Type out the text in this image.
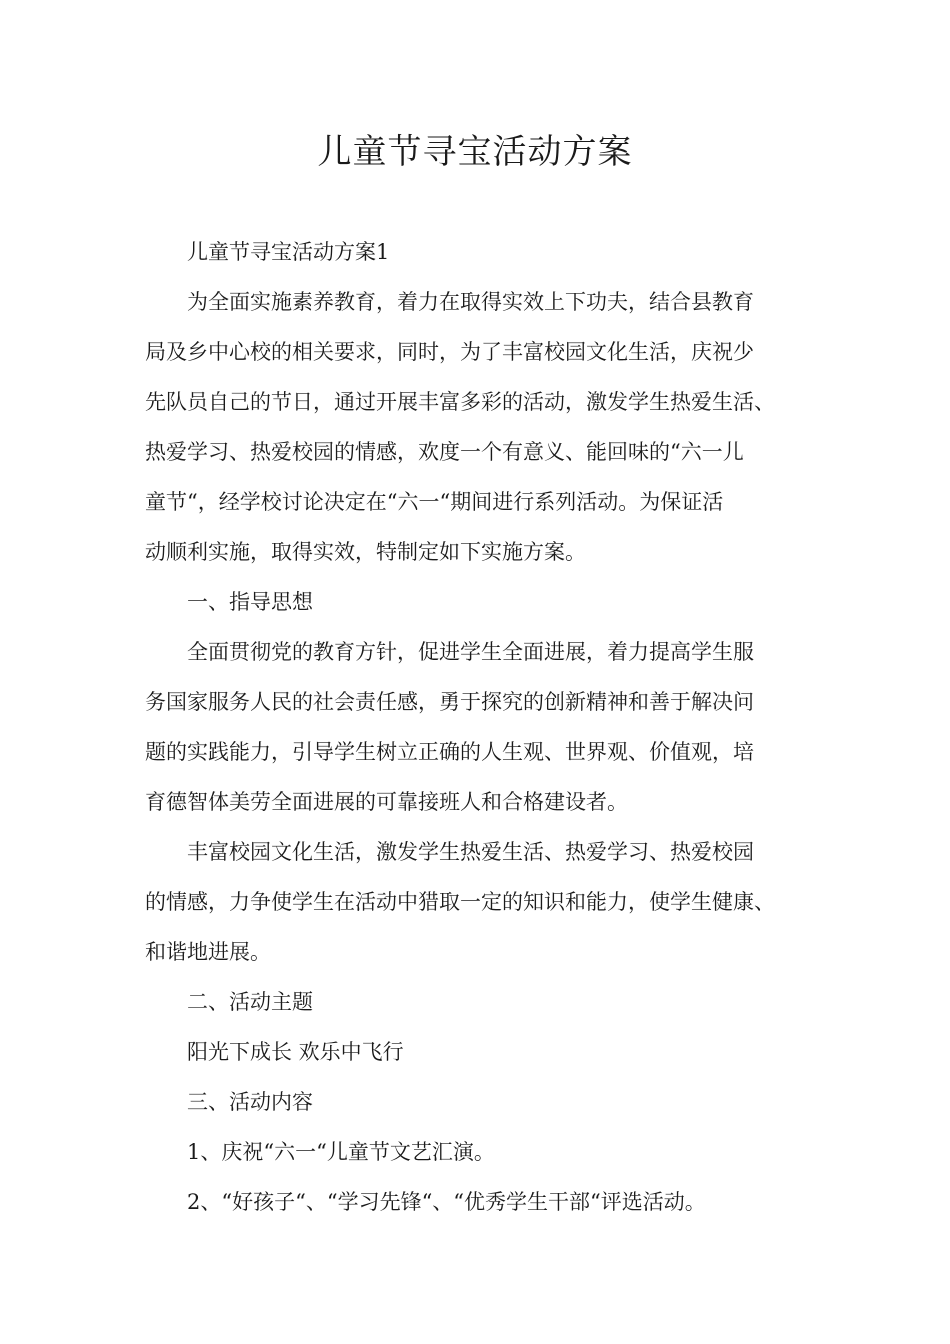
儿童节寻宝活动方案

儿童节寻宝活动方案1

为全面实施素养教育，着力在取得实效上下功夫，结合县教育
局及乡中心校的相关要求，同时，为了丰富校园文化生活，庆祝少
先队员自己的节日，通过开展丰富多彩的活动，激发学生热爱生活、
热爱学习、热爱校园的情感，欢度一个有意义、能回味的“六一儿
童节“，经学校讨论决定在“六一“期间进行系列活动。为保证活
动顺利实施，取得实效，特制定如下实施方案。

一、指导思想

全面贯彻党的教育方针，促进学生全面进展，着力提高学生服
务国家服务人民的社会责任感，勇于探究的创新精神和善于解决问
题的实践能力，引导学生树立正确的人生观、世界观、价值观，培
育德智体美劳全面进展的可靠接班人和合格建设者。

丰富校园文化生活，激发学生热爱生活、热爱学习、热爱校园
的情感，力争使学生在活动中猎取一定的知识和能力，使学生健康、
和谐地进展。

二、活动主题

阳光下成长 欢乐中飞行

三、活动内容

1、庆祝“六一“儿童节文艺汇演。

2、“好孩子“、“学习先锋“、“优秀学生干部“评选活动。
